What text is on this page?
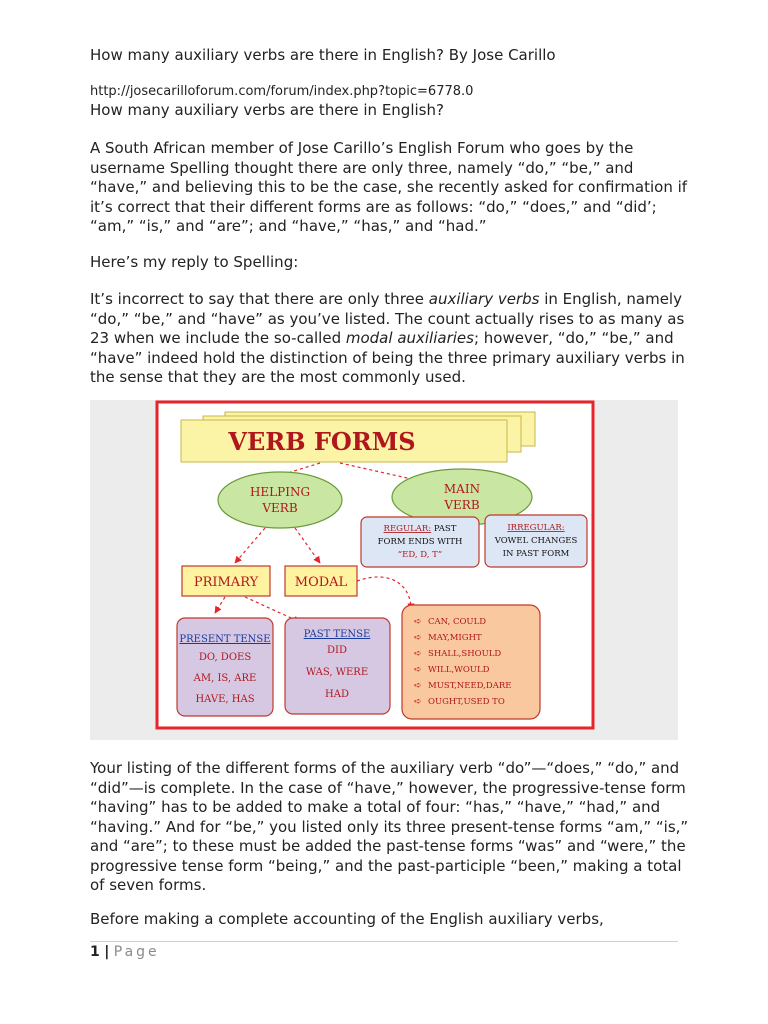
How many auxiliary verbs are there in English? By Jose Carillo

http://josecarilloforum.com/forum/index.php?topic=6778.0

How many auxiliary verbs are there in English?

A South African member of Jose Carillo’s English Forum who goes by the username Spelling thought there are only three, namely “do,” “be,” and “have,” and believing this to be the case, she recently asked for confirmation if it’s correct that their different forms are as follows: “do,” “does,” and “did’; “am,” “is,” and “are”; and “have,” “has,” and “had.”

Here’s my reply to Spelling:

It’s incorrect to say that there are only three auxiliary verbs in English, namely “do,” “be,” and “have” as you’ve listed. The count actually rises to as many as 23 when we include the so-called modal auxiliaries; however, “do,” “be,” and “have” indeed hold the distinction of being the three primary auxiliary verbs in the sense that they are the most commonly used.

VERB FORMS
HELPING
VERB
MAIN
VERB
REGULAR: PAST
FORM ENDS WITH
“ED, D, T”
IRREGULAR:
VOWEL CHANGES
IN PAST FORM
PRIMARY	MODAL
PRESENT TENSE
DO, DOES
AM, IS, ARE
HAVE, HAS
PAST TENSE
DID
WAS, WERE
HAD
➪
➪
➪
➪
➪
➪
CAN, COULD
MAY,MIGHT
SHALL,SHOULD
WILL,WOULD
MUST,NEED,DARE
OUGHT,USED TO

Your listing of the different forms of the auxiliary verb “do”—“does,” “do,” and “did”—is complete. In the case of “have,” however, the progressive-tense form “having” has to be added to make a total of four: “has,” “have,” “had,” and “having.” And for “be,” you listed only its three present-tense forms “am,” “is,” and “are”; to these must be added the past-tense forms “was” and “were,” the progressive tense form “being,” and the past-participle “been,” making a total of seven forms.

Before making a complete accounting of the English auxiliary verbs,

1 | Page
